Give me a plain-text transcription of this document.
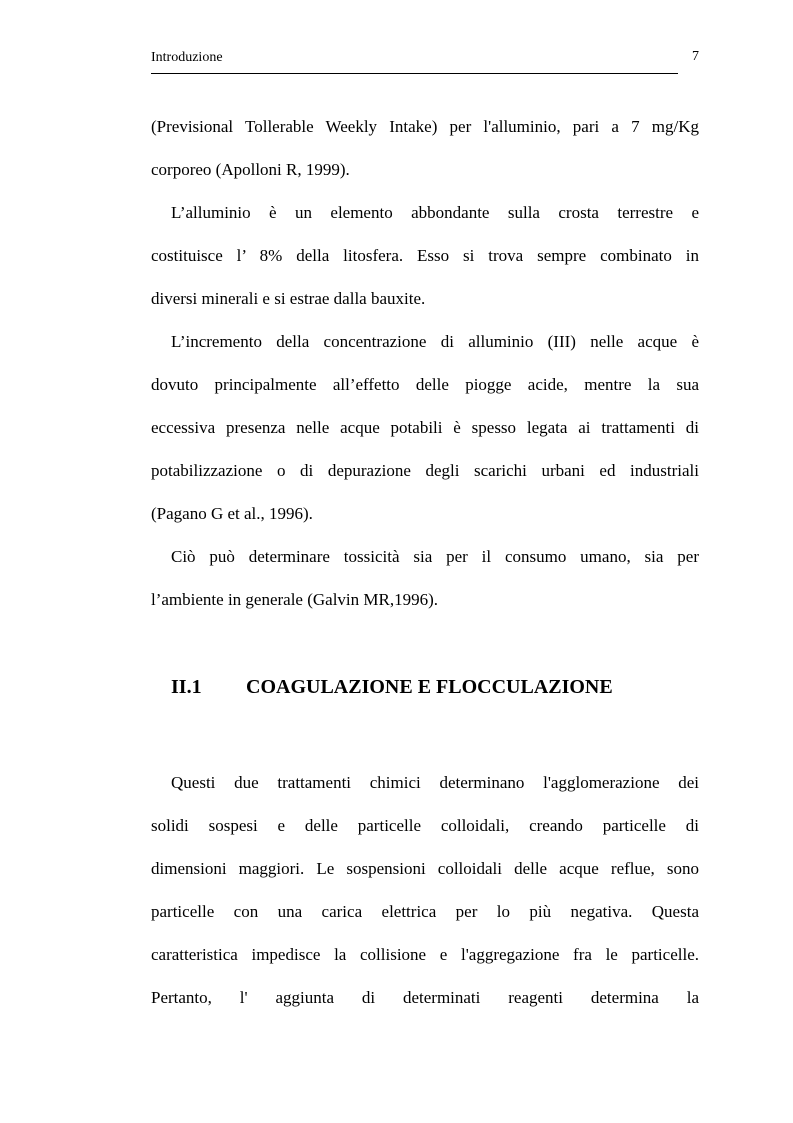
Introduzione	7
(Previsional Tollerable Weekly Intake) per l'alluminio, pari a 7 mg/Kg
corporeo (Apolloni R, 1999).
L’alluminio è un elemento abbondante sulla crosta terrestre e
costituisce l’ 8% della litosfera. Esso si trova sempre combinato in
diversi minerali e si estrae dalla bauxite.
L’incremento della concentrazione di alluminio (III) nelle acque è
dovuto principalmente all’effetto delle piogge acide, mentre la sua
eccessiva presenza nelle acque potabili è spesso legata ai trattamenti di
potabilizzazione o di depurazione degli scarichi urbani ed industriali
(Pagano G et al., 1996).
Ciò può determinare tossicità sia per il consumo umano, sia per
l’ambiente in generale (Galvin MR,1996).
II.1 COAGULAZIONE E FLOCCULAZIONE
Questi due trattamenti chimici determinano l'agglomerazione dei
solidi sospesi e delle particelle colloidali, creando particelle di
dimensioni maggiori. Le sospensioni colloidali delle acque reflue, sono
particelle con una carica elettrica per lo più negativa. Questa
caratteristica impedisce la collisione e l'aggregazione fra le particelle.
Pertanto, l' aggiunta di determinati reagenti determina la
